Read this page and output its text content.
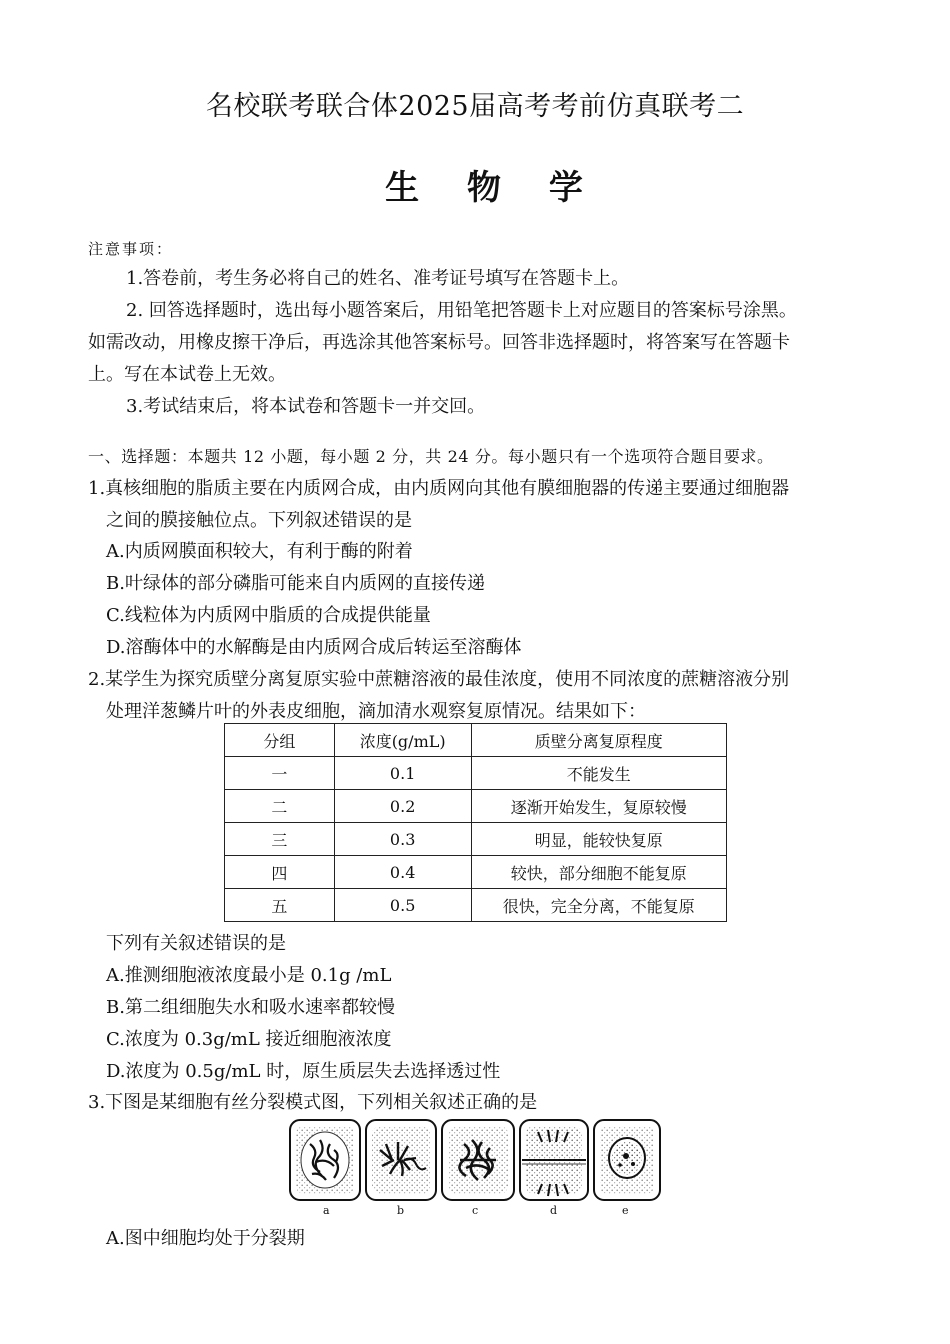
名校联考联合体2025届高考考前仿真联考二
生 物 学
注意事项：
1.答卷前，考生务必将自己的姓名、准考证号填写在答题卡上。
2. 回答选择题时，选出每小题答案后，用铅笔把答题卡上对应题目的答案标号涂黑。
如需改动，用橡皮擦干净后，再选涂其他答案标号。回答非选择题时，将答案写在答题卡
上。写在本试卷上无效。
3.考试结束后，将本试卷和答题卡一并交回。
一、选择题：本题共 12 小题，每小题 2 分，共 24 分。每小题只有一个选项符合题目要求。
1.真核细胞的脂质主要在内质网合成，由内质网向其他有膜细胞器的传递主要通过细胞器
之间的膜接触位点。下列叙述错误的是
A.内质网膜面积较大，有利于酶的附着
B.叶绿体的部分磷脂可能来自内质网的直接传递
C.线粒体为内质网中脂质的合成提供能量
D.溶酶体中的水解酶是由内质网合成后转运至溶酶体
2.某学生为探究质壁分离复原实验中蔗糖溶液的最佳浓度，使用不同浓度的蔗糖溶液分别
处理洋葱鳞片叶的外表皮细胞，滴加清水观察复原情况。结果如下：
分组	浓度(g/mL)	质壁分离复原程度
一	0.1	不能发生
二	0.2	逐渐开始发生，复原较慢
三	0.3	明显，能较快复原
四	0.4	较快，部分细胞不能复原
五	0.5	很快，完全分离，不能复原
下列有关叙述错误的是
A.推测细胞液浓度最小是 0.1g /mL
B.第二组细胞失水和吸水速率都较慢
C.浓度为 0.3g/mL 接近细胞液浓度
D.浓度为 0.5g/mL 时，原生质层失去选择透过性
3.下图是某细胞有丝分裂模式图，下列相关叙述正确的是
a	b	c	d	e
A.图中细胞均处于分裂期
